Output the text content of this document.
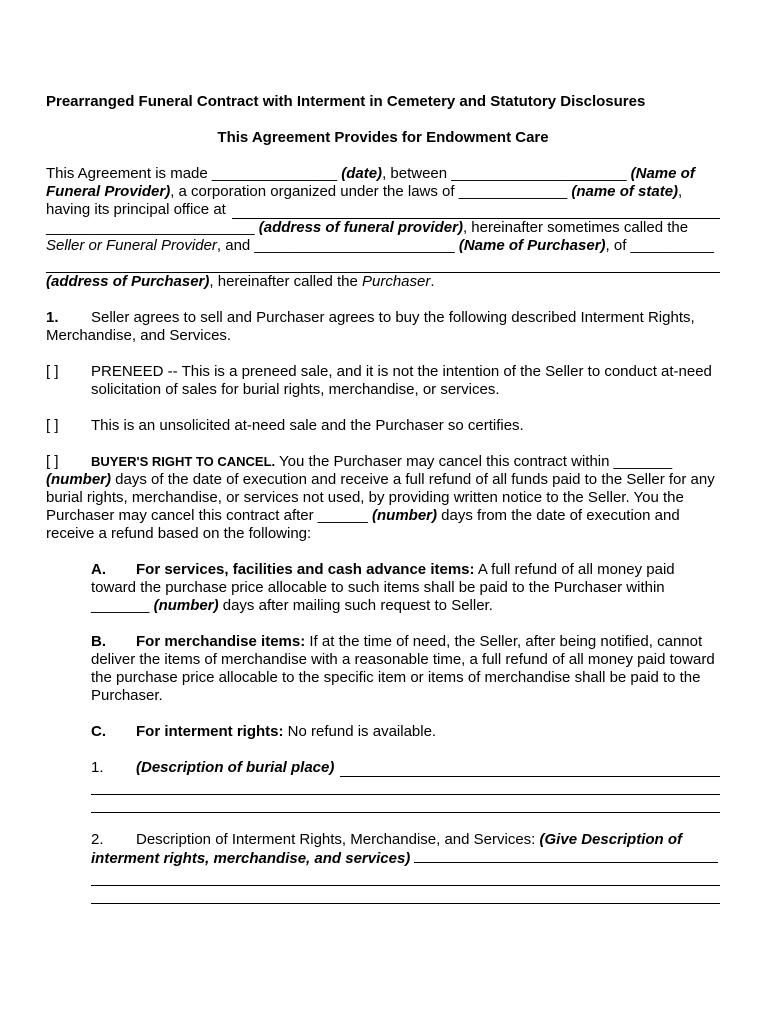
Prearranged Funeral Contract with Interment in Cemetery and Statutory Disclosures

This Agreement Provides for Endowment Care

This Agreement is made _______________ (date), between _____________________ (Name of Funeral Provider), a corporation organized under the laws of _____________ (name of state),

having its principal office at

_________________________ (address of funeral provider), hereinafter sometimes called the

Seller or Funeral Provider, and ________________________ (Name of Purchaser), of __________

(address of Purchaser), hereinafter called the Purchaser.

1. Seller agrees to sell and Purchaser agrees to buy the following described Interment Rights, Merchandise, and Services.

[ ]	PRENEED -- This is a preneed sale, and it is not the intention of the Seller to conduct at-need solicitation of sales for burial rights, merchandise, or services.
[ ]	This is an unsolicited at-need sale and the Purchaser so certifies.

[ ] BUYER'S RIGHT TO CANCEL. You the Purchaser may cancel this contract within _______ (number) days of the date of execution and receive a full refund of all funds paid to the Seller for any burial rights, merchandise, or services not used, by providing written notice to the Seller. You the Purchaser may cancel this contract after ______ (number) days from the date of execution and receive a refund based on the following:

A. For services, facilities and cash advance items: A full refund of all money paid toward the purchase price allocable to such items shall be paid to the Purchaser within _______ (number) days after mailing such request to Seller.

B. For merchandise items: If at the time of need, the Seller, after being notified, cannot deliver the items of merchandise with a reasonable time, a full refund of all money paid toward the purchase price allocable to the specific item or items of merchandise shall be paid to the Purchaser.

C. For interment rights: No refund is available.

1.	(Description of burial place)

2. Description of Interment Rights, Merchandise, and Services: (Give Description of interment rights, merchandise, and services)
